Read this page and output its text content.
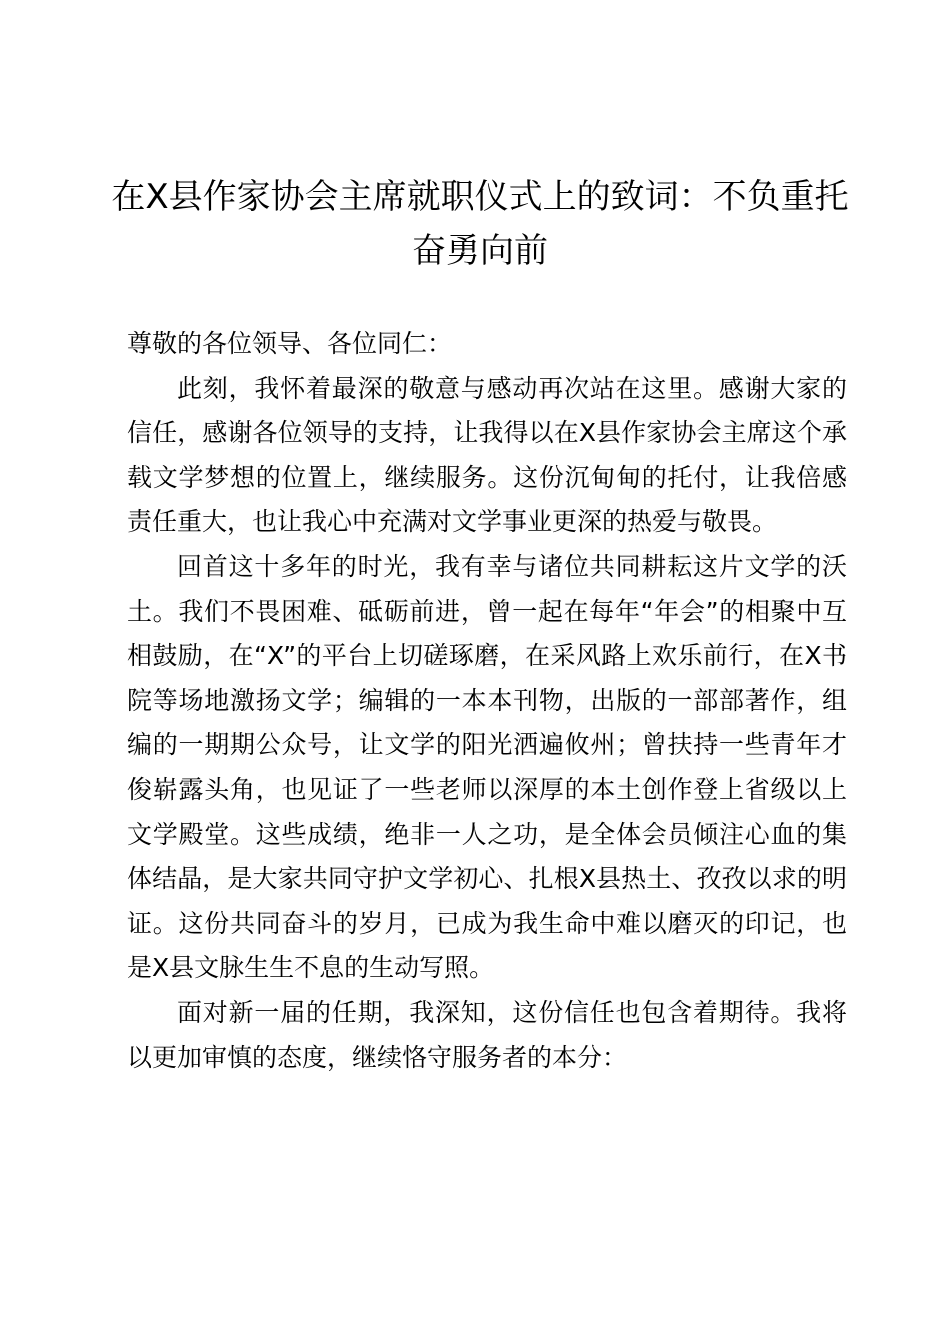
在X县作家协会主席就职仪式上的致词：不负重托奋勇向前

尊敬的各位领导、各位同仁：

此刻，我怀着最深的敬意与感动再次站在这里。感谢大家的信任，感谢各位领导的支持，让我得以在X县作家协会主席这个承载文学梦想的位置上，继续服务。这份沉甸甸的托付，让我倍感责任重大，也让我心中充满对文学事业更深的热爱与敬畏。

回首这十多年的时光，我有幸与诸位共同耕耘这片文学的沃土。我们不畏困难、砥砺前进，曾一起在每年“年会”的相聚中互相鼓励，在“X”的平台上切磋琢磨，在采风路上欢乐前行，在X书院等场地激扬文学；编辑的一本本刊物，出版的一部部著作，组编的一期期公众号，让文学的阳光洒遍攸州；曾扶持一些青年才俊崭露头角，也见证了一些老师以深厚的本土创作登上省级以上文学殿堂。这些成绩，绝非一人之功，是全体会员倾注心血的集体结晶，是大家共同守护文学初心、扎根X县热土、孜孜以求的明证。这份共同奋斗的岁月，已成为我生命中难以磨灭的印记，也是X县文脉生生不息的生动写照。

面对新一届的任期，我深知，这份信任也包含着期待。我将以更加审慎的态度，继续恪守服务者的本分：
